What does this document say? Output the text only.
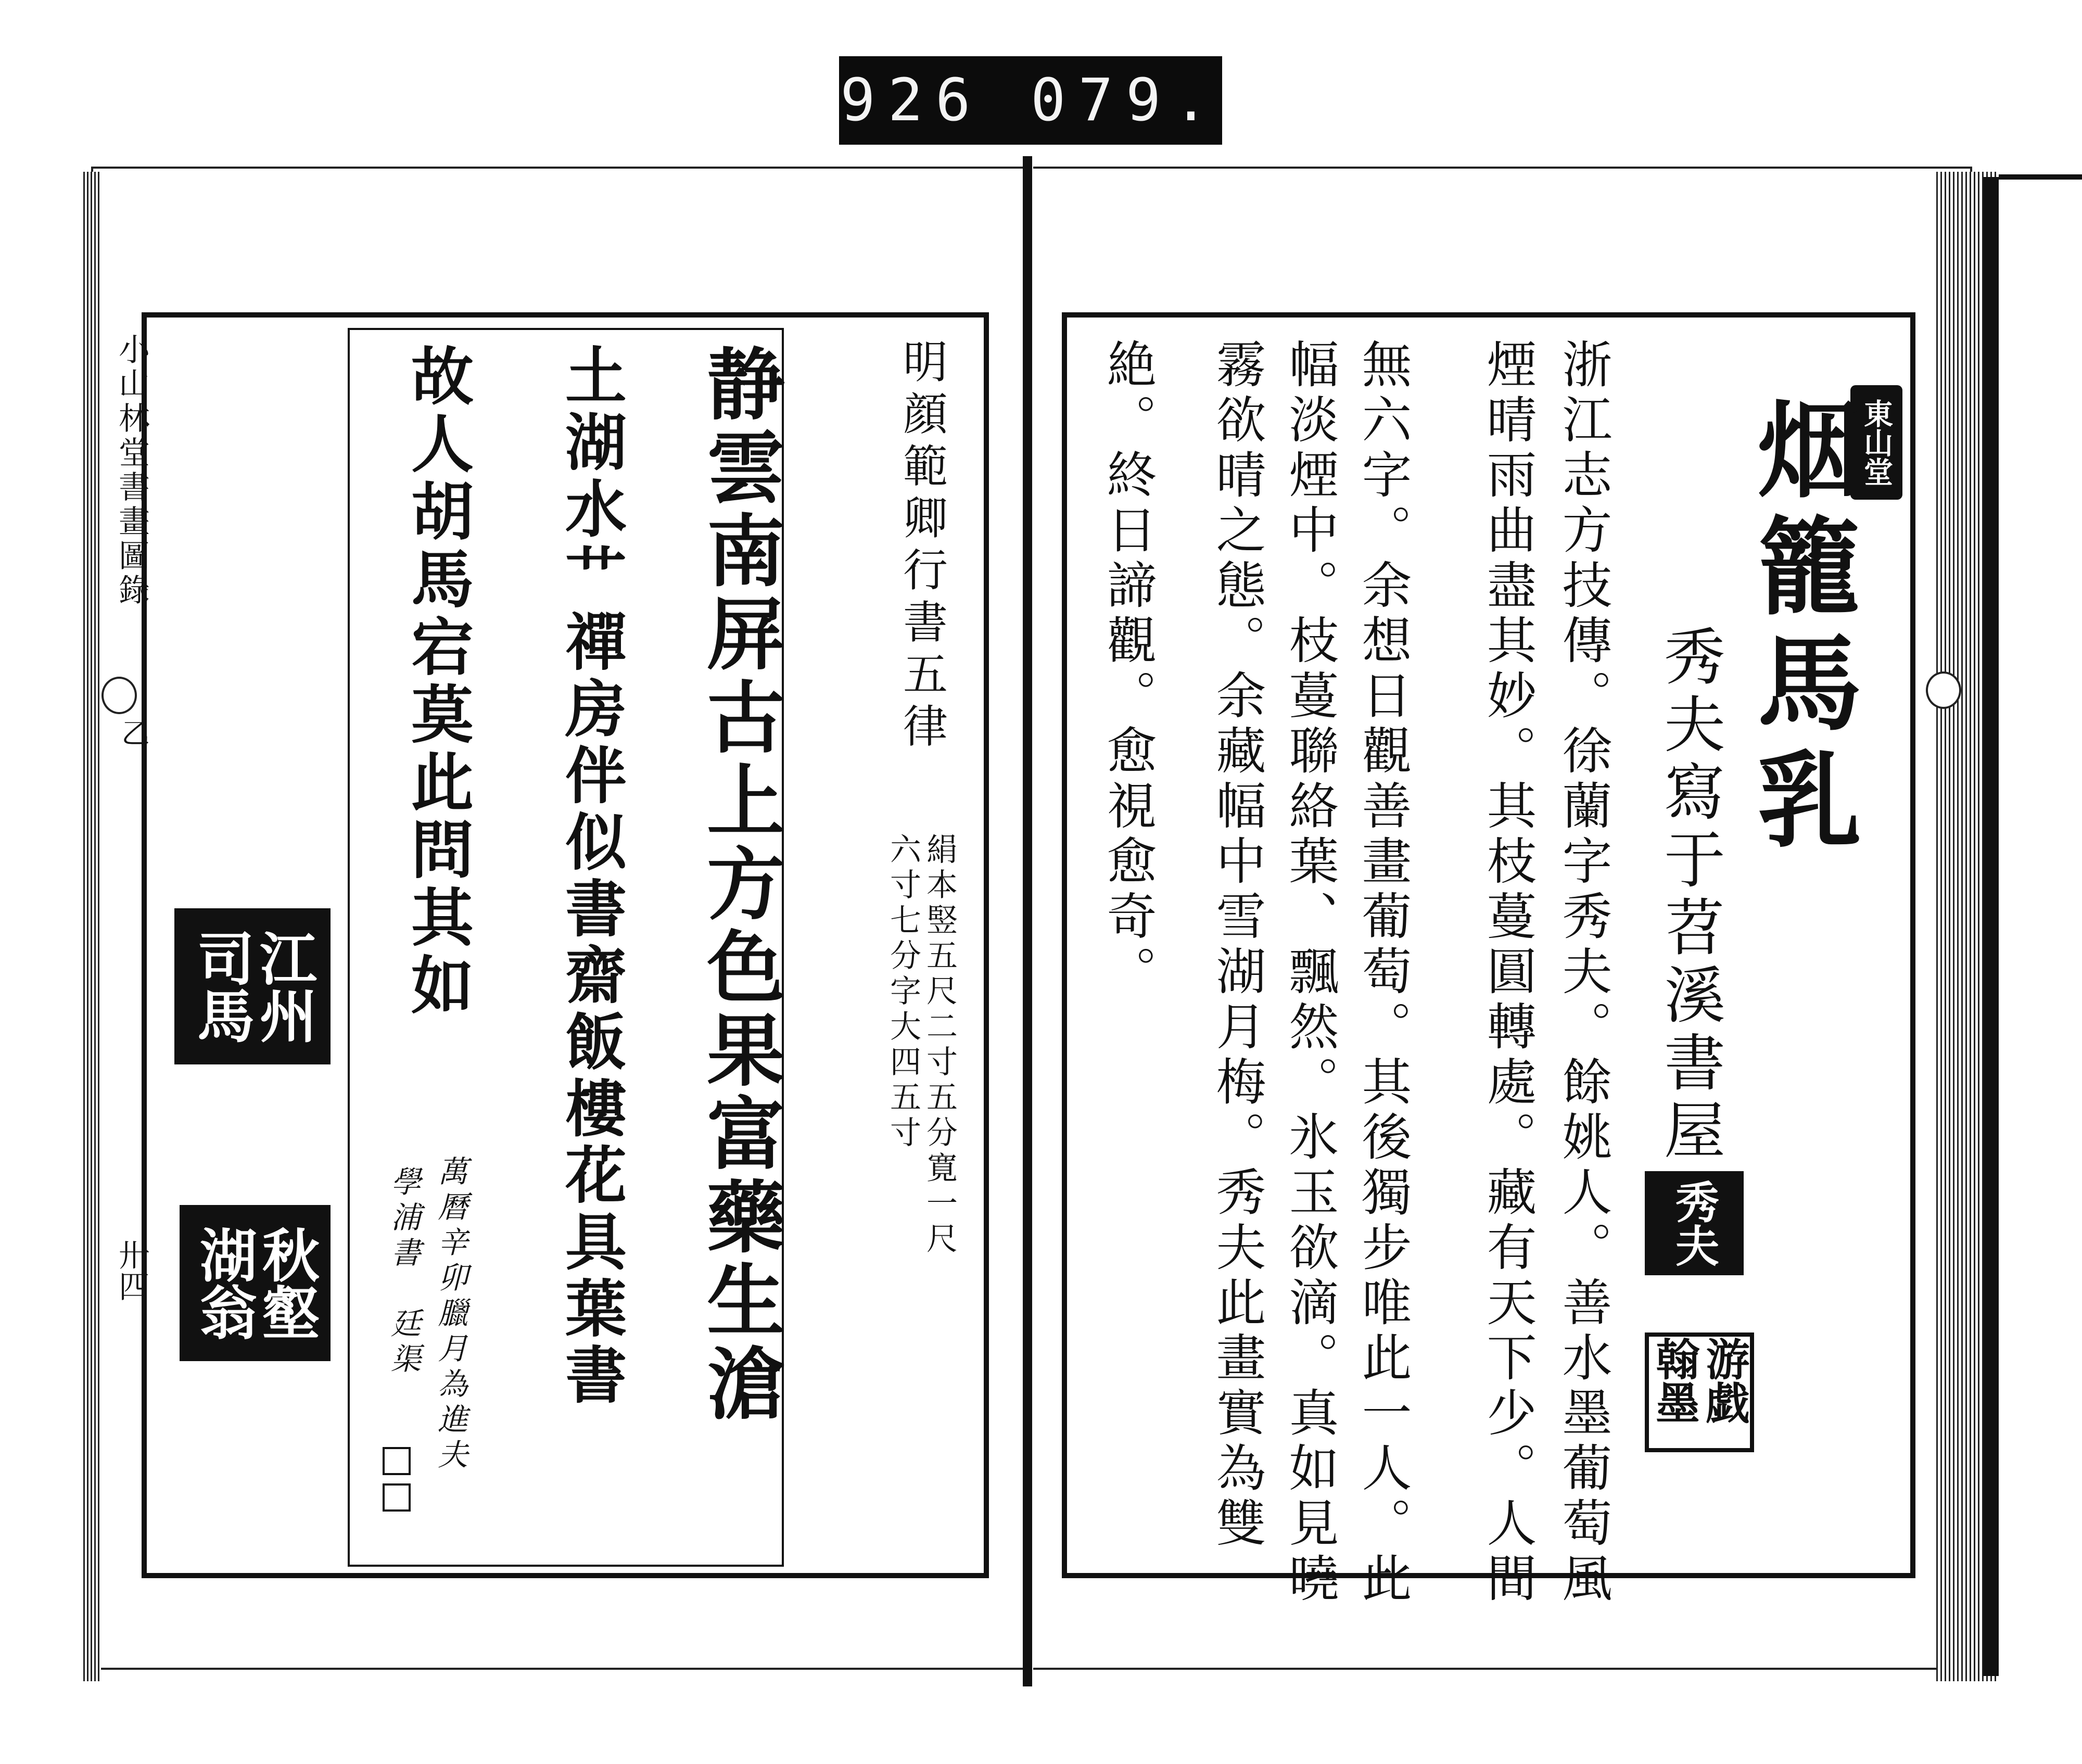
926 079.
小山林堂書畫圖錄
乙
卅四
明顔範卿行書五律
絹本竪五尺二寸五分寛一尺
六寸七分字大四五寸
静雲南屏古上方色果富藥生滄
土湖水艹禪房伴似書齋飯樓花具葉書
故人胡馬宕莫此問其如
萬曆辛卯臘月為進夫
學浦書　廷渠
江州司馬
秋壑湖翁
東山堂
烟籠馬乳
秀夫寫于苕溪書屋
秀夫
游戯翰墨
浙江志方技傳。徐蘭字秀夫。餘姚人。善水墨葡萄風
煙晴雨曲盡其妙。其枝蔓圓轉處。藏有天下少。人間
無六字。余想日觀善畫葡萄。其後獨步唯此一人。此
幅淡煙中。枝蔓聯絡葉、飄然。氷玉欲滴。真如見曉
霧欲晴之態。余藏幅中雪湖月梅。秀夫此畫實為雙
絶。終日諦觀。愈視愈奇。
